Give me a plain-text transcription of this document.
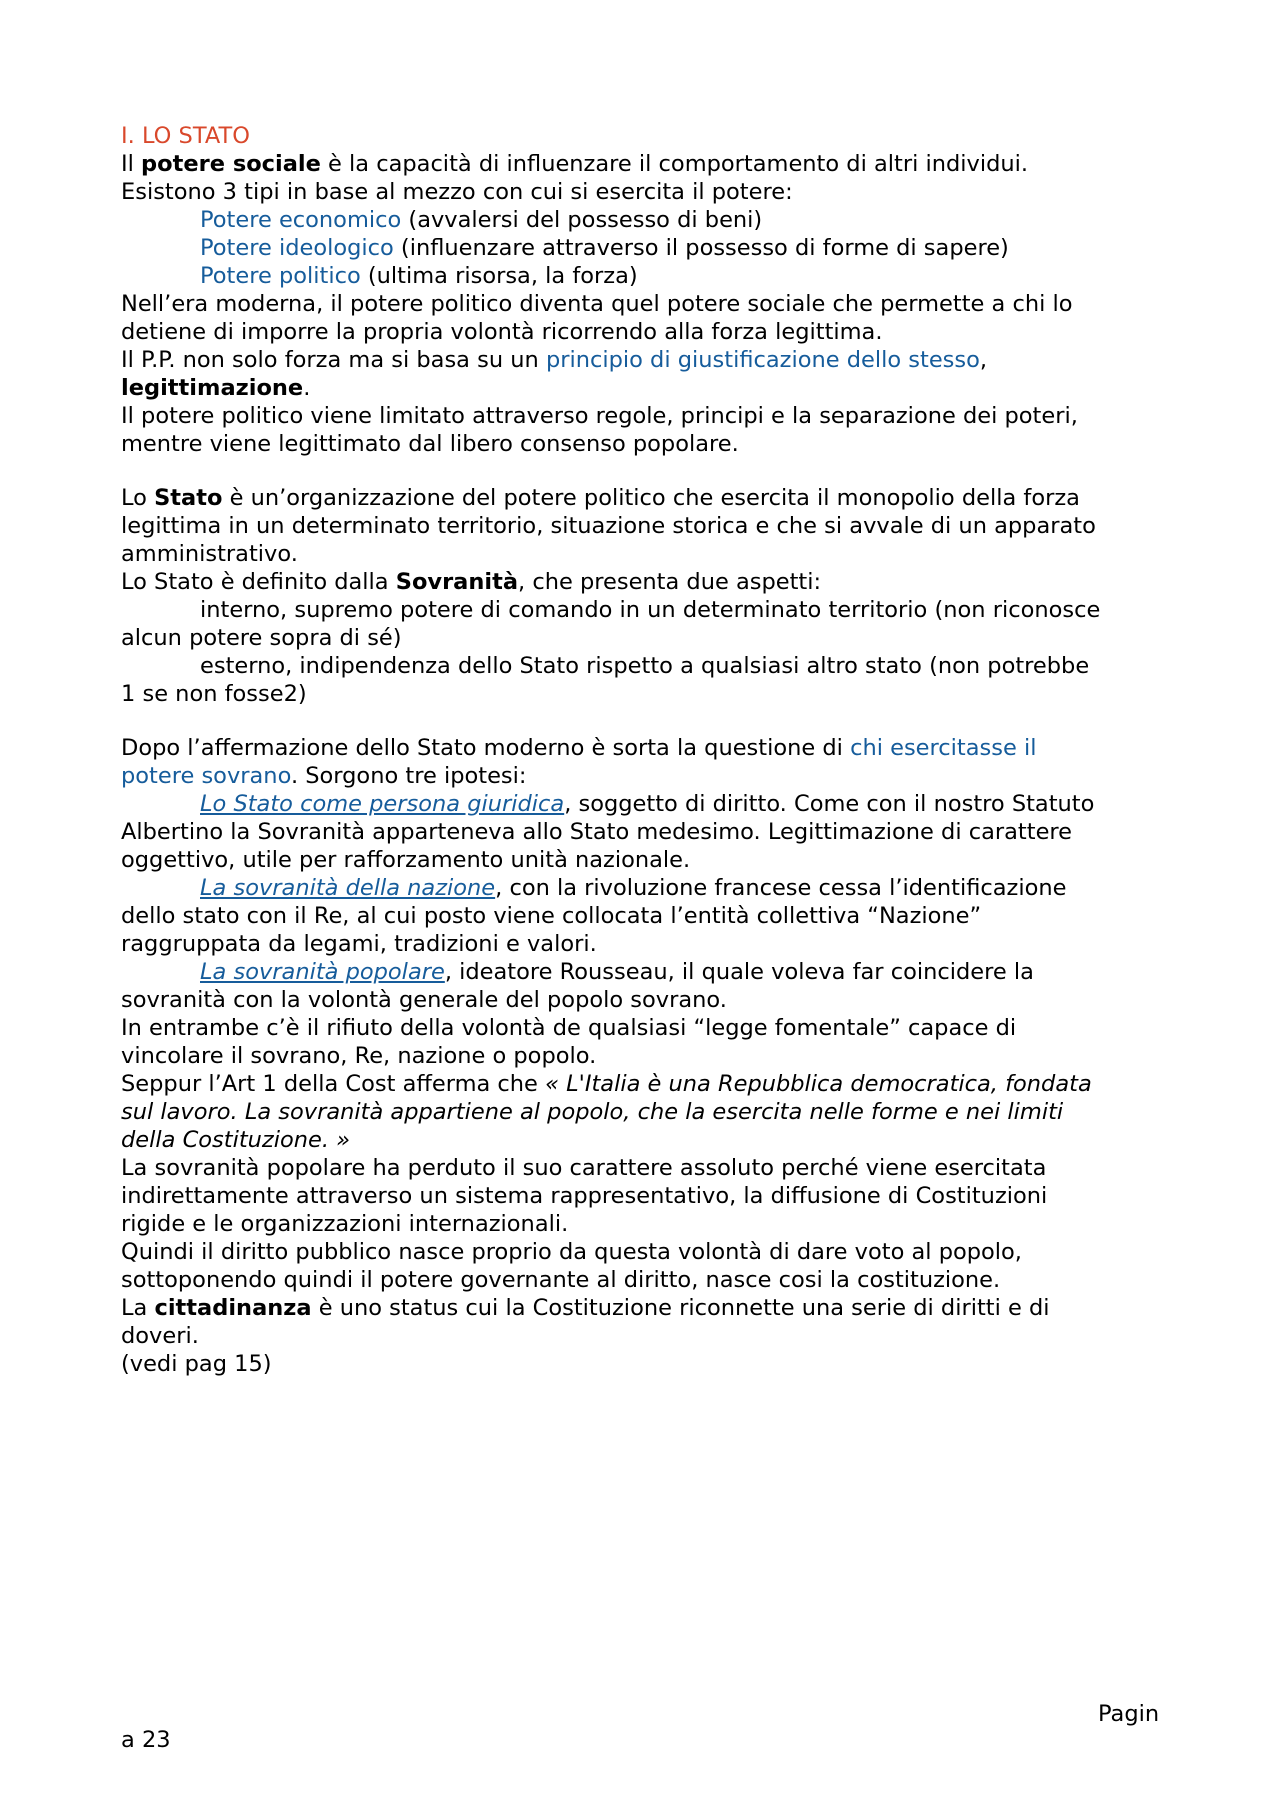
I. LO STATO
Il potere sociale è la capacità di influenzare il comportamento di altri individui.
Esistono 3 tipi in base al mezzo con cui si esercita il potere:
Potere economico (avvalersi del possesso di beni)
Potere ideologico (influenzare attraverso il possesso di forme di sapere)
Potere politico (ultima risorsa, la forza)
Nell’era moderna, il potere politico diventa quel potere sociale che permette a chi lo
detiene di imporre la propria volontà ricorrendo alla forza legittima.
Il P.P. non solo forza ma si basa su un principio di giustificazione dello stesso,
legittimazione.
Il potere politico viene limitato attraverso regole, principi e la separazione dei poteri,
mentre viene legittimato dal libero consenso popolare.
Lo Stato è un’organizzazione del potere politico che esercita il monopolio della forza
legittima in un determinato territorio, situazione storica e che si avvale di un apparato
amministrativo.
Lo Stato è definito dalla Sovranità, che presenta due aspetti:
interno, supremo potere di comando in un determinato territorio (non riconosce
alcun potere sopra di sé)
esterno, indipendenza dello Stato rispetto a qualsiasi altro stato (non potrebbe
1 se non fosse2)
Dopo l’affermazione dello Stato moderno è sorta la questione di chi esercitasse il
potere sovrano. Sorgono tre ipotesi:
Lo Stato come persona giuridica, soggetto di diritto. Come con il nostro Statuto
Albertino la Sovranità apparteneva allo Stato medesimo. Legittimazione di carattere
oggettivo, utile per rafforzamento unità nazionale.
La sovranità della nazione, con la rivoluzione francese cessa l’identificazione
dello stato con il Re, al cui posto viene collocata l’entità collettiva “Nazione”
raggruppata da legami, tradizioni e valori.
La sovranità popolare, ideatore Rousseau, il quale voleva far coincidere la
sovranità con la volontà generale del popolo sovrano.
In entrambe c’è il rifiuto della volontà de qualsiasi “legge fomentale” capace di
vincolare il sovrano, Re, nazione o popolo.
Seppur l’Art 1 della Cost afferma che « L'Italia è una Repubblica democratica, fondata
sul lavoro. La sovranità appartiene al popolo, che la esercita nelle forme e nei limiti
della Costituzione. »
La sovranità popolare ha perduto il suo carattere assoluto perché viene esercitata
indirettamente attraverso un sistema rappresentativo, la diffusione di Costituzioni
rigide e le organizzazioni internazionali.
Quindi il diritto pubblico nasce proprio da questa volontà di dare voto al popolo,
sottoponendo quindi il potere governante al diritto, nasce cosi la costituzione.
La cittadinanza è uno status cui la Costituzione riconnette una serie di diritti e di
doveri.
(vedi pag 15)
Pagin
a 23
